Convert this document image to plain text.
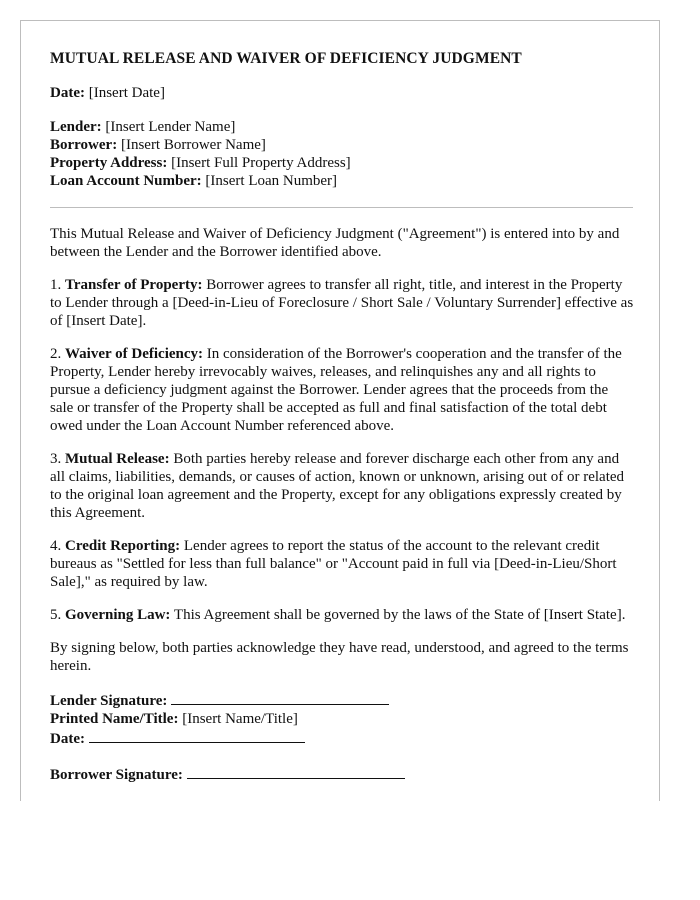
MUTUAL RELEASE AND WAIVER OF DEFICIENCY JUDGMENT

Date: [Insert Date]

Lender: [Insert Lender Name]

Borrower: [Insert Borrower Name]

Property Address: [Insert Full Property Address]

Loan Account Number: [Insert Loan Number]

This Mutual Release and Waiver of Deficiency Judgment ("Agreement") is entered into by and between the Lender and the Borrower identified above.

1. Transfer of Property: Borrower agrees to transfer all right, title, and interest in the Property to Lender through a [Deed-in-Lieu of Foreclosure / Short Sale / Voluntary Surrender] effective as of [Insert Date].

2. Waiver of Deficiency: In consideration of the Borrower's cooperation and the transfer of the Property, Lender hereby irrevocably waives, releases, and relinquishes any and all rights to pursue a deficiency judgment against the Borrower. Lender agrees that the proceeds from the sale or transfer of the Property shall be accepted as full and final satisfaction of the total debt owed under the Loan Account Number referenced above.

3. Mutual Release: Both parties hereby release and forever discharge each other from any and all claims, liabilities, demands, or causes of action, known or unknown, arising out of or related to the original loan agreement and the Property, except for any obligations expressly created by this Agreement.

4. Credit Reporting: Lender agrees to report the status of the account to the relevant credit bureaus as "Settled for less than full balance" or "Account paid in full via [Deed-in-Lieu/Short Sale]," as required by law.

5. Governing Law: This Agreement shall be governed by the laws of the State of [Insert State].

By signing below, both parties acknowledge they have read, understood, and agreed to the terms herein.

Lender Signature:

Printed Name/Title: [Insert Name/Title]

Date:

Borrower Signature:
